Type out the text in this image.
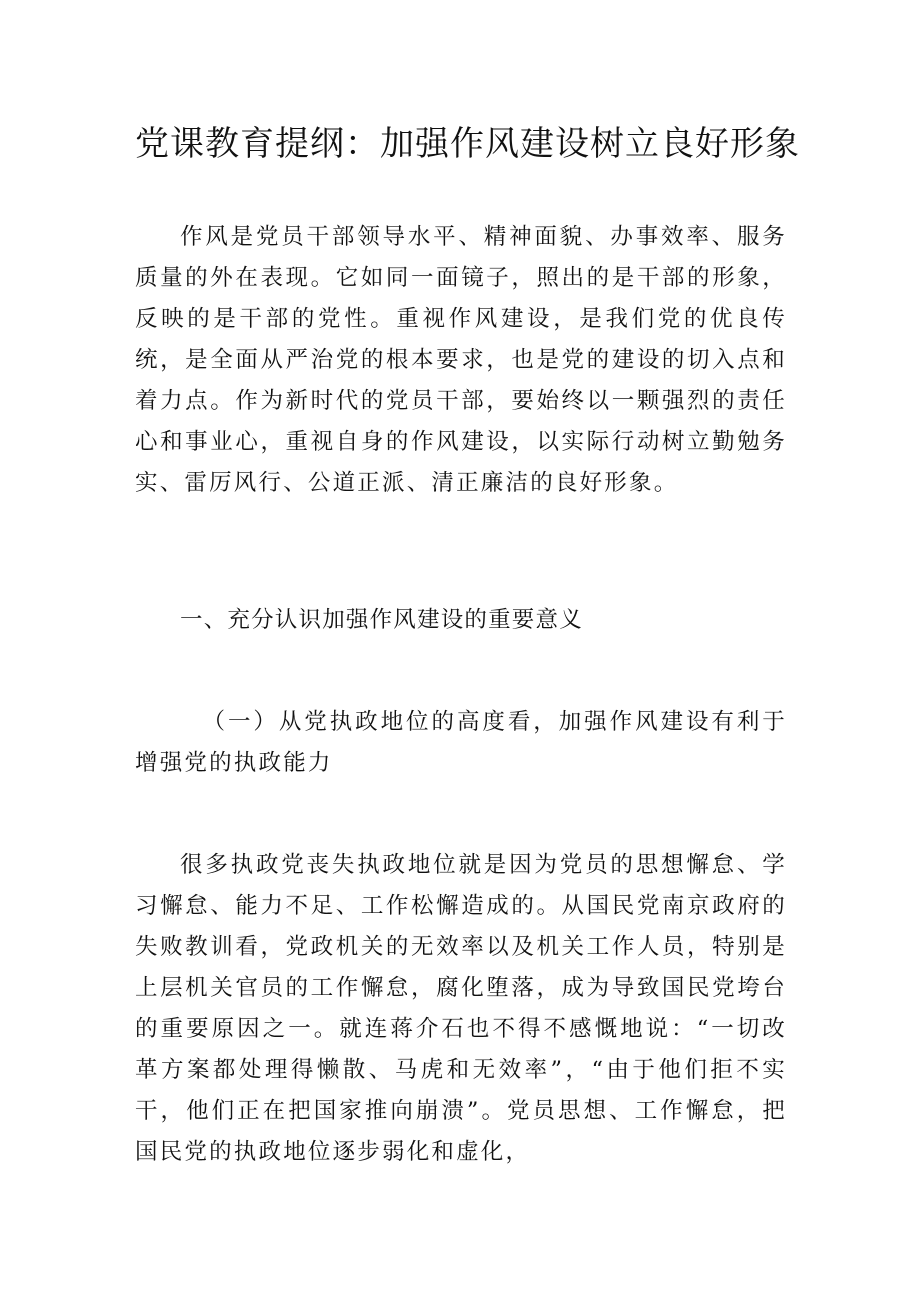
党课教育提纲：加强作风建设树立良好形象

作风是党员干部领导水平、精神面貌、办事效率、服务质量的外在表现。它如同一面镜子，照出的是干部的形象，反映的是干部的党性。重视作风建设，是我们党的优良传统，是全面从严治党的根本要求，也是党的建设的切入点和着力点。作为新时代的党员干部，要始终以一颗强烈的责任心和事业心，重视自身的作风建设，以实际行动树立勤勉务实、雷厉风行、公道正派、清正廉洁的良好形象。

一、充分认识加强作风建设的重要意义

（一）从党执政地位的高度看，加强作风建设有利于增强党的执政能力

很多执政党丧失执政地位就是因为党员的思想懈怠、学习懈怠、能力不足、工作松懈造成的。从国民党南京政府的失败教训看，党政机关的无效率以及机关工作人员，特别是上层机关官员的工作懈怠，腐化堕落，成为导致国民党垮台的重要原因之一。就连蒋介石也不得不感慨地说：“一切改革方案都处理得懒散、马虎和无效率”，“由于他们拒不实干，他们正在把国家推向崩溃”。党员思想、工作懈怠，把国民党的执政地位逐步弱化和虚化，
